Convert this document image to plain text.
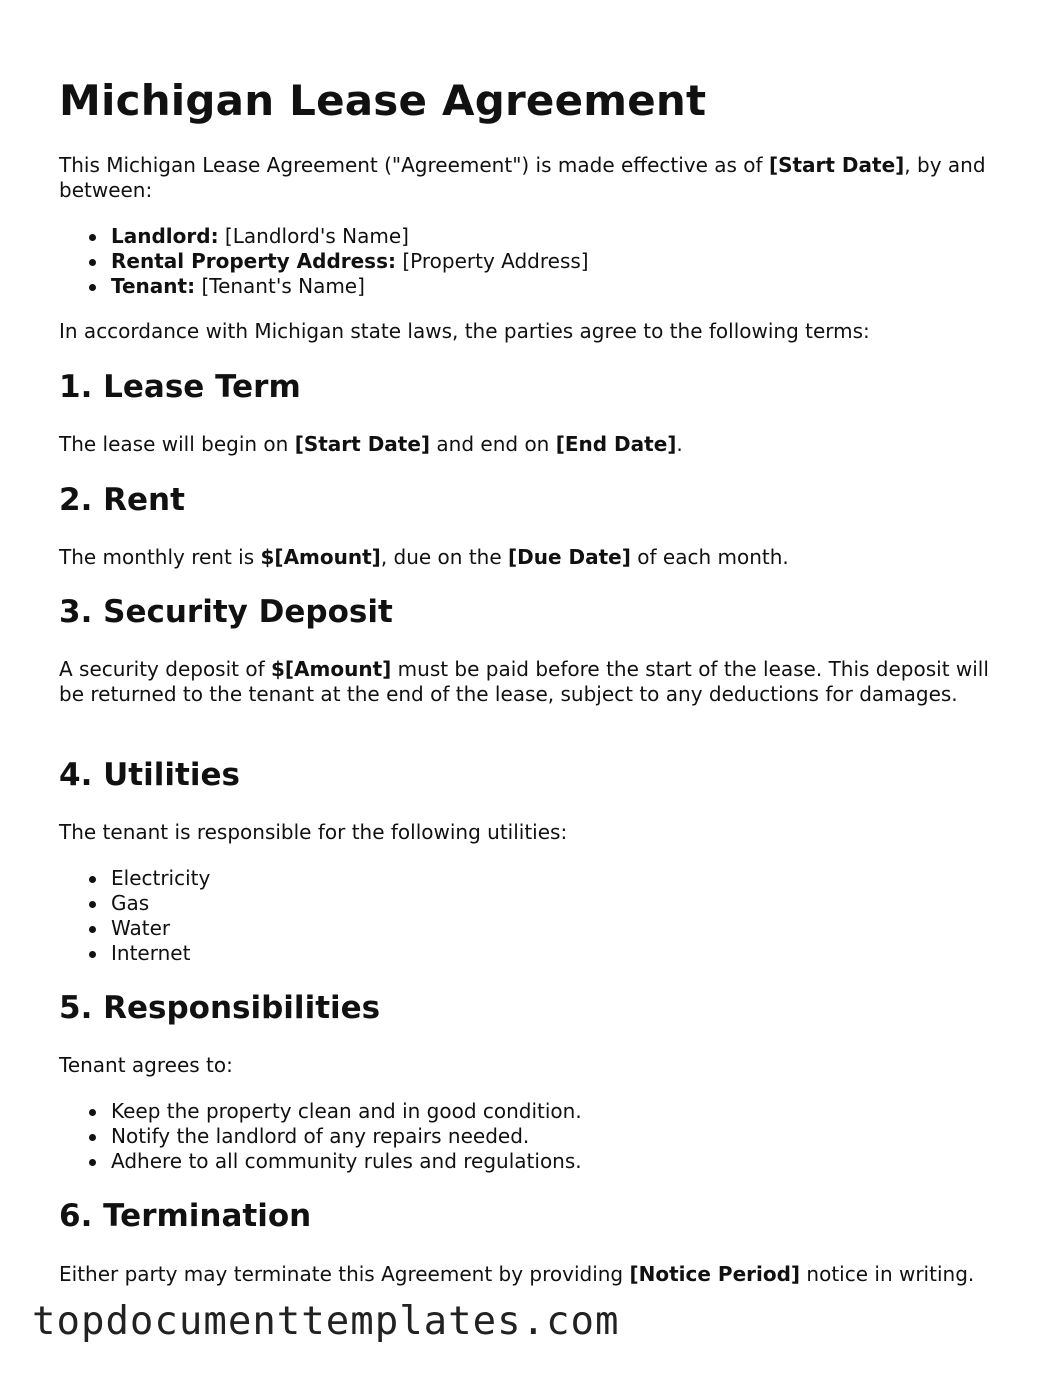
Michigan Lease Agreement

This Michigan Lease Agreement ("Agreement") is made effective as of [Start Date], by and between:

Landlord: [Landlord's Name]
Rental Property Address: [Property Address]
Tenant: [Tenant's Name]

In accordance with Michigan state laws, the parties agree to the following terms:

1. Lease Term

The lease will begin on [Start Date] and end on [End Date].

2. Rent

The monthly rent is $[Amount], due on the [Due Date] of each month.

3. Security Deposit

A security deposit of $[Amount] must be paid before the start of the lease. This deposit will be returned to the tenant at the end of the lease, subject to any deductions for damages.

4. Utilities

The tenant is responsible for the following utilities:

Electricity
Gas
Water
Internet
5. Responsibilities

Tenant agrees to:

Keep the property clean and in good condition.
Notify the landlord of any repairs needed.
Adhere to all community rules and regulations.
6. Termination

Either party may terminate this Agreement by providing [Notice Period] notice in writing.

topdocumenttemplates.com
